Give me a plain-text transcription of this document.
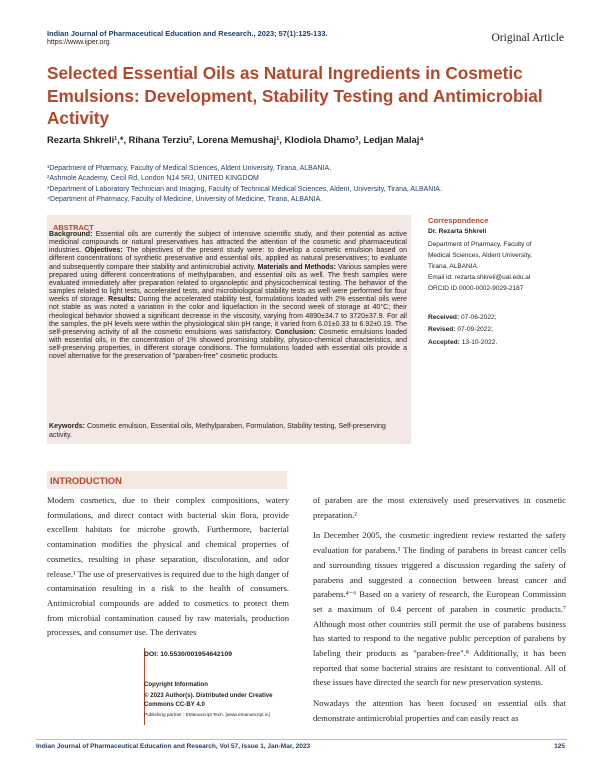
Indian Journal of Pharmaceutical Education and Research., 2023; 57(1):125-133.
https://www.ijper.org	Original Article
Selected Essential Oils as Natural Ingredients in Cosmetic Emulsions: Development, Stability Testing and Antimicrobial Activity
Rezarta Shkreli¹,*, Rihana Terziu², Lorena Memushaj¹, Klodiola Dhamo³, Ledjan Malaj⁴
¹Department of Pharmacy, Faculty of Medical Sciences, Aldent University, Tirana, ALBANIA.
²Ashmole Academy, Cecil Rd, London N14 5RJ, UNITED KINGDOM
³Department of Laboratory Technician and Imaging, Faculty of Technical Medical Sciences, Aldent, University, Tirana, ALBANIA.
⁴Department of Pharmacy, Faculty of Medicine, University of Medicine, Tirana, ALBANIA.
ABSTRACT
Background: Essential oils are currently the subject of intensive scientific study, and their potential as active medicinal compounds or natural preservatives has attracted the attention of the cosmetic and pharmaceutical industries. Objectives: The objectives of the present study were: to develop a cosmetic emulsion based on different concentrations of synthetic preservative and essential oils, applied as natural preservatives; to evaluate and subsequently compare their stability and antimicrobial activity. Materials and Methods: Various samples were prepared using different concentrations of methylparaben, and essential oils as well. The fresh samples were evaluated immediately after preparation related to organoleptic and physicochemical testing. The behavior of the samples related to light tests, accelerated tests, and microbiological stability tests as well were performed for four weeks of storage. Results: During the accelerated stability test, formulations loaded with 2% essential oils were not stable as was noted a variation in the color and liquefaction in the second week of storage at 40°C; their rheological behavior showed a significant decrease in the viscosity, varying from 4890±34.7 to 3720±37.9. For all the samples, the pH levels were within the physiological skin pH range, it varied from 6.01±0.33 to 6.92±0.19. The self-preserving activity of all the cosmetic emulsions was satisfactory. Conclusion: Cosmetic emulsions loaded with essential oils, in the concentration of 1% showed promising stability, physico-chemical characteristics, and self-preserving properties, in different storage conditions. The formulations loaded with essential oils provide a novel alternative for the preservation of "paraben-free" cosmetic products.
Keywords: Cosmetic emulsion, Essential oils, Methylparaben, Formulation, Stability testing, Self-preserving activity.
Correspondence
Dr. Rezarta Shkreli
Department of Pharmacy, Faculty of
Medical Sciences, Aldent University,
Tirana, ALBANIA.
Email id: rezarta.shkreli@ual.edu.al
ORCID ID 0000-0002-9029-2187
Received: 07-06-2022;
Revised: 07-09-2022;
Accepted: 13-10-2022.
INTRODUCTION

Modern cosmetics, due to their complex compositions, watery formulations, and direct contact with bacterial skin flora, provide excellent habitats for microbe growth. Furthermore, bacterial contamination modifies the physical and chemical properties of cosmetics, resulting in phase separation, discoloration, and odor release.¹ The use of preservatives is required due to the high danger of contamination resulting in a risk to the health of consumers. Antimicrobial compounds are added to cosmetics to protect them from microbial contamination caused by raw materials, production processes, and consumer use. The derivates

of paraben are the most extensively used preservatives in cosmetic preparation.²

In December 2005, the cosmetic ingredient review restarted the safety evaluation for parabens.³ The finding of parabens in breast cancer cells and surrounding tissues triggered a discussion regarding the safety of parabens and suggested a connection between breast cancer and parabens.⁴⁻⁶ Based on a variety of research, the European Commission set a maximum of 0.4 percent of paraben in cosmetic products.⁷ Although most other countries still permit the use of parabens business has started to respond to the negative public perception of parabens by labeling their products as "paraben-free".⁸ Additionally, it has been reported that some bacterial strains are resistant to conventional. All of these issues have directed the search for new preservation systems.

Nowadays the attention has been focused on essential oils that demonstrate antimicrobial properties and can easily react as

DOI: 10.5530/001954642109
Copyright Information
© 2023 Author(s). Distributed under Creative
Commons CC-BY 4.0
Publishing partner : EManuscript Tech. [www.emanuscript.in]
Indian Journal of Pharmaceutical Education and Research, Vol 57, Issue 1, Jan-Mar, 2023	125
